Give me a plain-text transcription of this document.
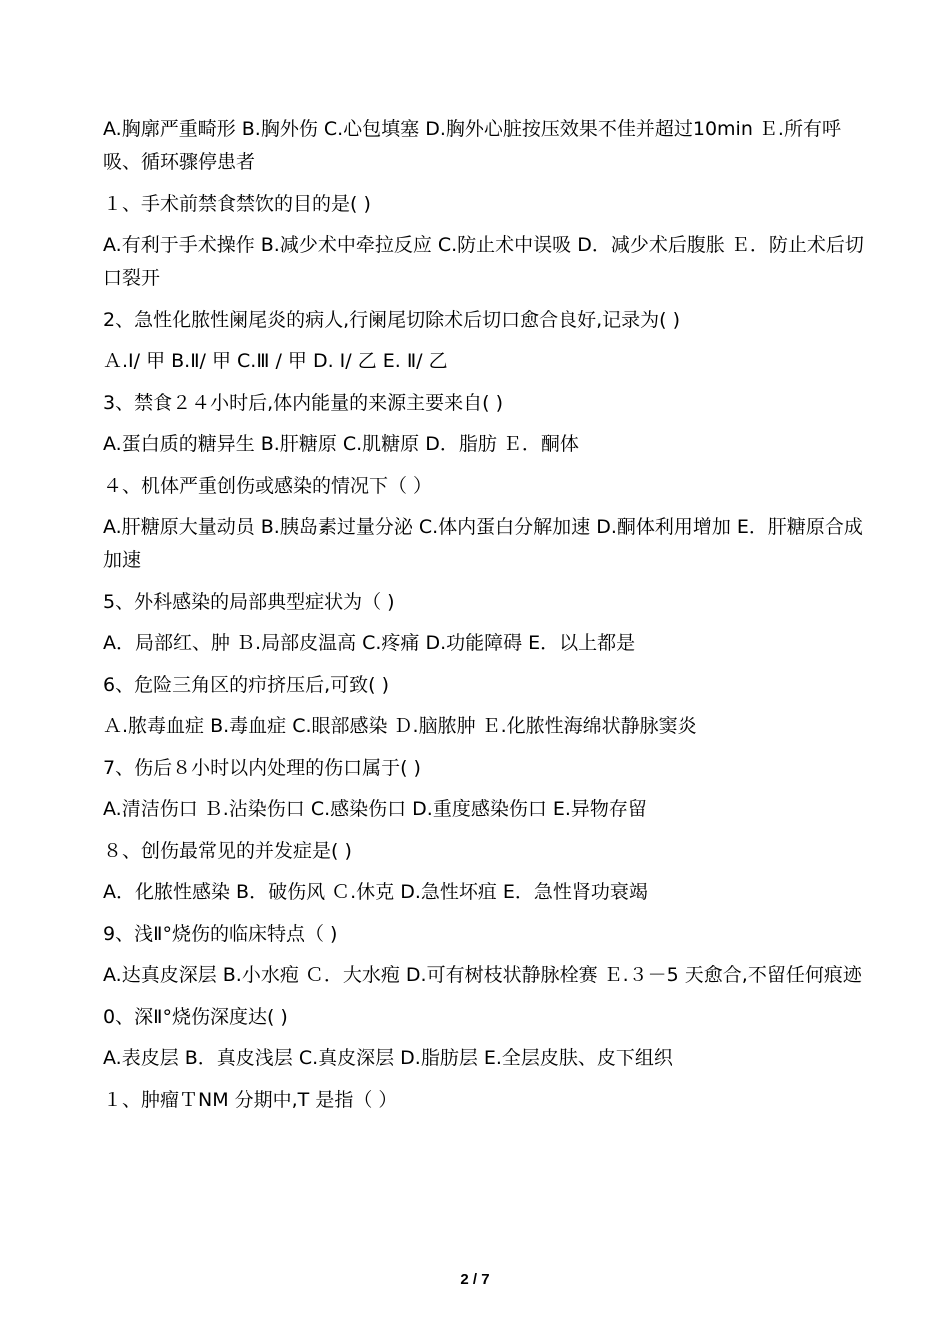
A.胸廓严重畸形 B.胸外伤 C.心包填塞 D.胸外心脏按压效果不佳并超过10min Ｅ.所有呼吸、循环骤停患者
１、手术前禁食禁饮的目的是( )
A.有利于手术操作 B.减少术中牵拉反应 C.防止术中误吸 D．减少术后腹胀 Ｅ．防止术后切口裂开
2、急性化脓性阑尾炎的病人,行阑尾切除术后切口愈合良好,记录为( )
Ａ.Ⅰ/ 甲 B.Ⅱ/ 甲 C.Ⅲ / 甲 D. Ⅰ/ 乙 E. Ⅱ/ 乙
3、禁食２４小时后,体内能量的来源主要来自( )
A.蛋白质的糖异生 B.肝糖原 C.肌糖原 D．脂肪 Ｅ．酮体
４、机体严重创伤或感染的情况下（ ）
A.肝糖原大量动员 B.胰岛素过量分泌 C.体内蛋白分解加速 D.酮体利用增加 E．肝糖原合成加速
5、外科感染的局部典型症状为（ )
A．局部红、肿 Ｂ.局部皮温高 C.疼痛 D.功能障碍 E．以上都是
6、危险三角区的疖挤压后,可致( )
Ａ.脓毒血症 B.毒血症 C.眼部感染 Ｄ.脑脓肿 Ｅ.化脓性海绵状静脉窦炎
7、伤后８小时以内处理的伤口属于( )
A.清洁伤口 Ｂ.沾染伤口 C.感染伤口 D.重度感染伤口 E.异物存留
８、创伤最常见的并发症是( )
A．化脓性感染 B．破伤风 Ｃ.休克 D.急性坏疽 E．急性肾功衰竭
9、浅Ⅱ°烧伤的临床特点（ )
A.达真皮深层 B.小水疱 Ｃ．大水疱 D.可有树枝状静脉栓赛 Ｅ.３－5 天愈合,不留任何痕迹
0、深Ⅱ°烧伤深度达( )
A.表皮层 B．真皮浅层 C.真皮深层 D.脂肪层 E.全层皮肤、皮下组织
１、肿瘤ＴNM 分期中,T 是指（ ）
2 / 7
